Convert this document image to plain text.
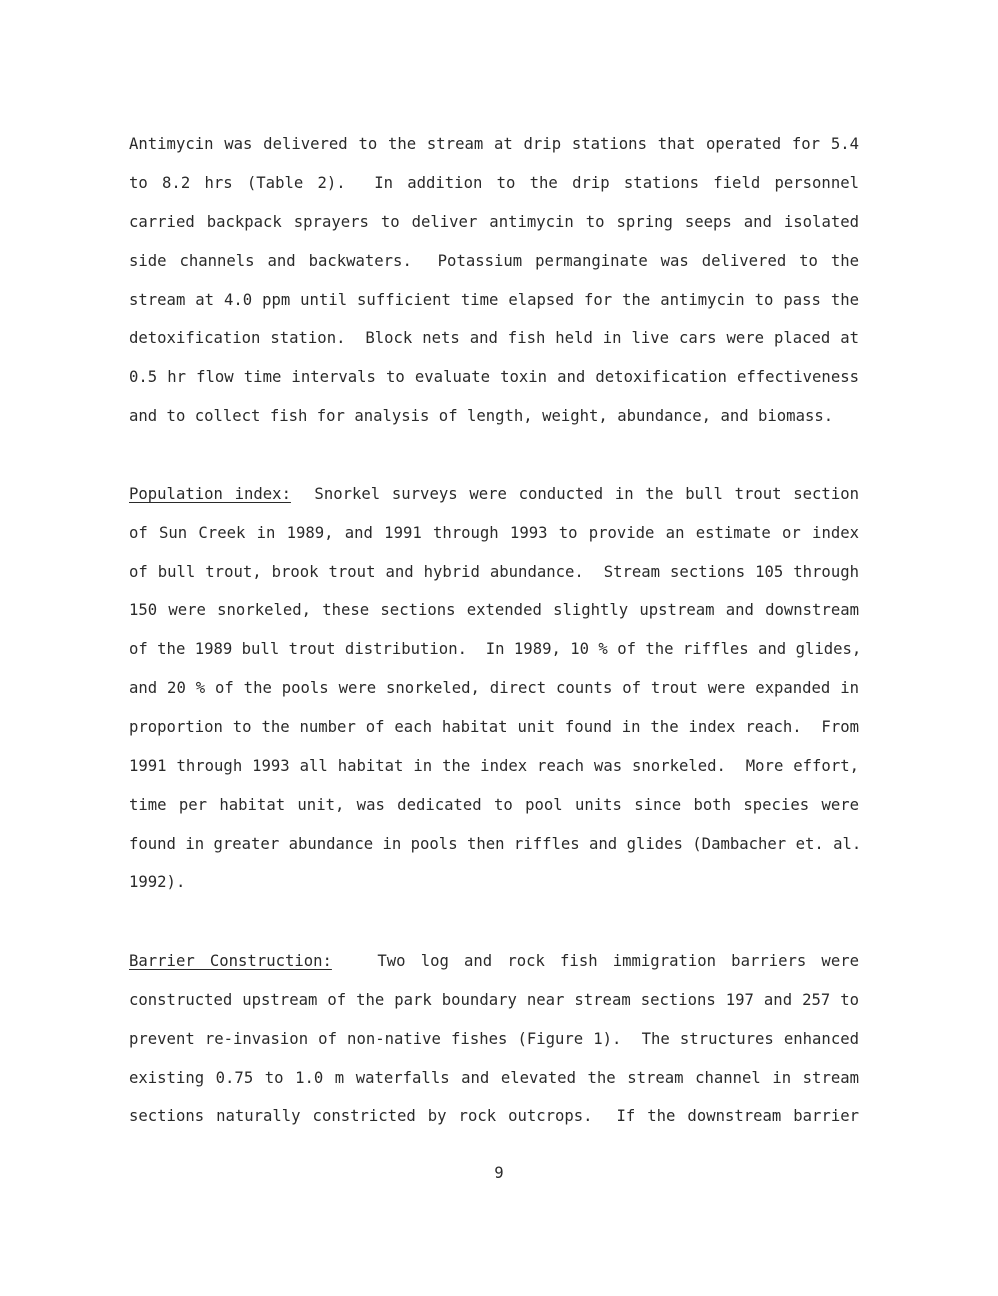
Antimycin was delivered to the stream at drip stations that operated for 5.4
to 8.2 hrs (Table 2).  In addition to the drip stations field personnel
carried backpack sprayers to deliver antimycin to spring seeps and isolated
side channels and backwaters.  Potassium permanginate was delivered to the
stream at 4.0 ppm until sufficient time elapsed for the antimycin to pass the
detoxification station.  Block nets and fish held in live cars were placed at
0.5 hr flow time intervals to evaluate toxin and detoxification effectiveness
and to collect fish for analysis of length, weight, abundance, and biomass.
Population index:  Snorkel surveys were conducted in the bull trout section
of Sun Creek in 1989, and 1991 through 1993 to provide an estimate or index
of bull trout, brook trout and hybrid abundance.  Stream sections 105 through
150 were snorkeled, these sections extended slightly upstream and downstream
of the 1989 bull trout distribution.  In 1989, 10 % of the riffles and glides,
and 20 % of the pools were snorkeled, direct counts of trout were expanded in
proportion to the number of each habitat unit found in the index reach.  From
1991 through 1993 all habitat in the index reach was snorkeled.  More effort,
time per habitat unit, was dedicated to pool units since both species were
found in greater abundance in pools then riffles and glides (Dambacher et. al.
1992).
Barrier Construction:   Two log and rock fish immigration barriers were
constructed upstream of the park boundary near stream sections 197 and 257 to
prevent re-invasion of non-native fishes (Figure 1).  The structures enhanced
existing 0.75 to 1.0 m waterfalls and elevated the stream channel in stream
sections naturally constricted by rock outcrops.  If the downstream barrier
9
